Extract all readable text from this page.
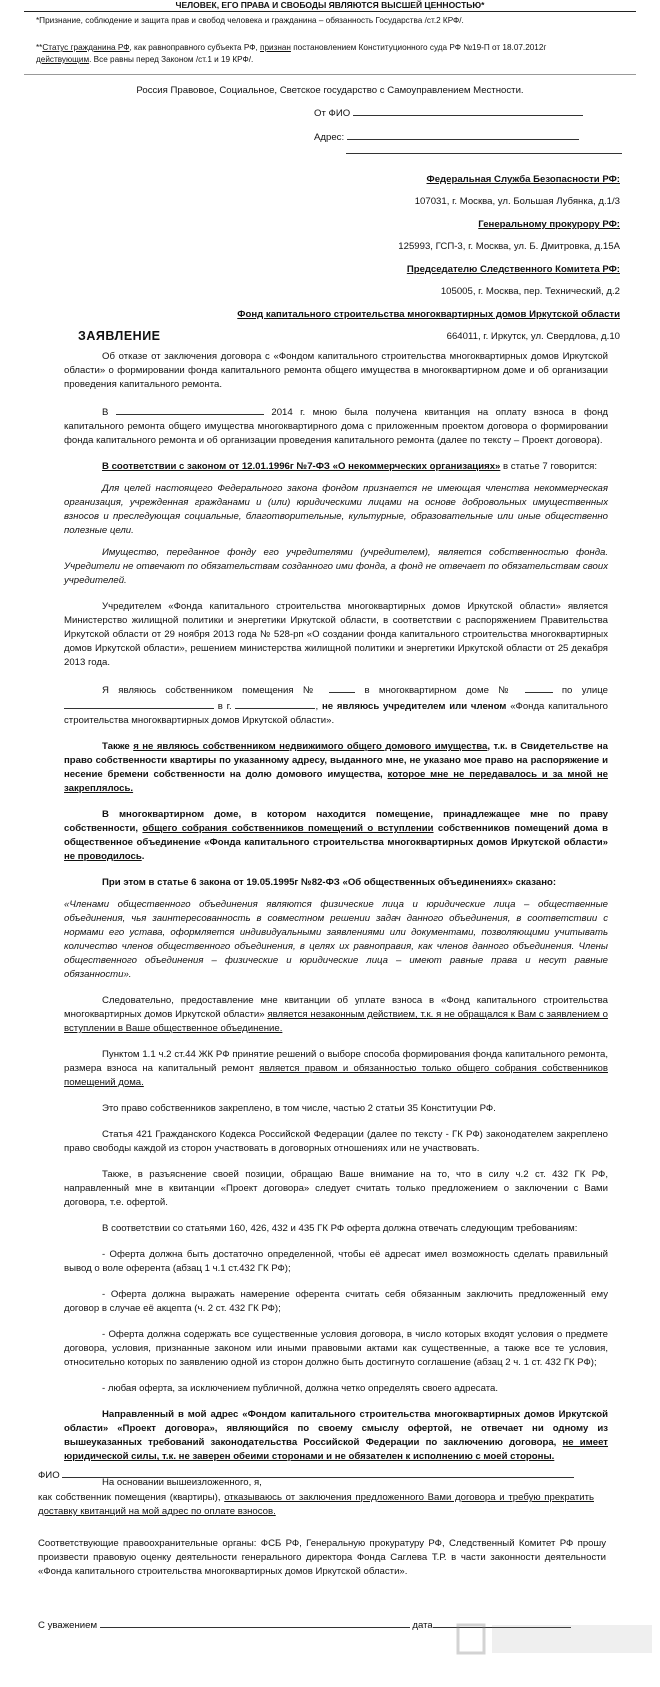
ЧЕЛОВЕК, ЕГО ПРАВА И СВОБОДЫ ЯВЛЯЮТСЯ ВЫСШЕЙ ЦЕННОСТЬЮ*
*Признание, соблюдение и защита прав и свобод человека и гражданина – обязанность Государства /ст.2 КРФ/.
**Статус гражданина РФ, как равноправного субъекта РФ, признан постановлением Конституционного суда РФ №19-П от 18.07.2012г
действующим. Все равны перед Законом /ст.1 и 19 КРФ/.
Россия Правовое, Социальное, Светское государство с Самоуправлением Местности.
От ФИО
Адрес:
Федеральная Служба Безопасности РФ:
107031, г. Москва, ул. Большая Лубянка, д.1/3
Генеральному прокурору РФ:
125993, ГСП-3, г. Москва, ул. Б. Дмитровка, д.15А
Председателю Следственного Комитета РФ:
105005, г. Москва, пер. Технический, д.2
Фонд капитального строительства многоквартирных домов Иркутской области
664011, г. Иркутск, ул. Свердлова, д.10
ЗАЯВЛЕНИЕ
Об отказе от заключения договора с «Фондом капитального строительства многоквартирных домов Иркутской области» о формировании фонда капитального ремонта общего имущества в многоквартирном доме и об организации проведения капитального ремонта.
В	2014 г. мною была получена квитанция на оплату взноса в фонд капитального ремонта общего имущества многоквартирного дома с приложенным проектом договора о формировании фонда капитального ремонта и об организации проведения капитального ремонта (далее по тексту – Проект договора).
В соответствии с законом от 12.01.1996г №7-ФЗ «О некоммерческих организациях» в статье 7 говорится:
Для целей настоящего Федерального закона фондом признается не имеющая членства некоммерческая организация, учрежденная гражданами и (или) юридическими лицами на основе добровольных имущественных взносов и преследующая социальные, благотворительные, культурные, образовательные или иные общественно полезные цели.
Имущество, переданное фонду его учредителями (учредителем), является собственностью фонда. Учредители не отвечают по обязательствам созданного ими фонда, а фонд не отвечает по обязательствам своих учредителей.
Учредителем «Фонда капитального строительства многоквартирных домов Иркутской области» является Министерство жилищной политики и энергетики Иркутской области, в соответствии с распоряжением Правительства Иркутской области от 29 ноября 2013 года № 528-рп «О создании фонда капитального строительства многоквартирных домов Иркутской области», решением министерства жилищной политики и энергетики Иркутской области от 25 декабря 2013 года.
Я являюсь собственником помещения №	в многоквартирном доме №	по улице  в г.	, не являюсь учредителем или членом «Фонда капитального строительства многоквартирных домов Иркутской области».
Также я не являюсь собственником недвижимого общего домового имущества, т.к. в Свидетельстве на право собственности квартиры по указанному адресу, выданного мне, не указано мое право на распоряжение и несение бремени собственности на долю домового имущества, которое мне не передавалось и за мной не закреплялось.
В многоквартирном доме, в котором находится помещение, принадлежащее мне по праву собственности, общего собрания собственников помещений о вступлении собственников помещений дома в общественное объединение «Фонда капитального строительства многоквартирных домов Иркутской области» не проводилось.
При этом в статье 6 закона от 19.05.1995г №82-ФЗ «Об общественных объединениях» сказано:
«Членами общественного объединения являются физические лица и юридические лица – общественные объединения, чья заинтересованность в совместном решении задач данного объединения, в соответствии с нормами его устава, оформляется индивидуальными заявлениями или документами, позволяющими учитывать количество членов общественного объединения, в целях их равноправия, как членов данного объединения. Члены общественного объединения – физические и юридические лица – имеют равные права и несут равные обязанности».
Следовательно, предоставление мне квитанции об уплате взноса в «Фонд капитального строительства многоквартирных домов Иркутской области» является незаконным действием, т.к. я не обращался к Вам с заявлением о вступлении в Ваше общественное объединение.
Пунктом 1.1 ч.2 ст.44 ЖК РФ принятие решений о выборе способа формирования фонда капитального ремонта, размера взноса на капитальный ремонт является правом и обязанностью только общего собрания собственников помещений дома.
Это право собственников закреплено, в том числе, частью 2 статьи 35 Конституции РФ.
Статья 421 Гражданского Кодекса Российской Федерации (далее по тексту - ГК РФ) законодателем закреплено право свободы каждой из сторон участвовать в договорных отношениях или не участвовать.
Также, в разъяснение своей позиции, обращаю Ваше внимание на то, что в силу ч.2 ст. 432 ГК РФ, направленный мне в квитанции «Проект договора» следует считать только предложением о заключении с Вами договора, т.е. офертой.
В соответствии со статьями 160, 426, 432 и 435 ГК РФ оферта должна отвечать следующим требованиям:
- Оферта должна быть достаточно определенной, чтобы её адресат имел возможность сделать правильный вывод о воле оферента (абзац 1 ч.1 ст.432 ГК РФ);
- Оферта должна выражать намерение оферента считать себя обязанным заключить предложенный ему договор в случае её акцепта (ч. 2 ст. 432 ГК РФ);
- Оферта должна содержать все существенные условия договора, в число которых входят условия о предмете договора, условия, признанные законом или иными правовыми актами как существенные, а также все те условия, относительно которых по заявлению одной из сторон должно быть достигнуто соглашение (абзац 2 ч. 1 ст. 432 ГК РФ);
- любая оферта, за исключением публичной, должна четко определять своего адресата.
Направленный в мой адрес «Фондом капитального строительства многоквартирных домов Иркутской области» «Проект договора», являющийся по своему смыслу офертой, не отвечает ни одному из вышеуказанных требований законодательства Российской Федерации по заключению договора, не имеет юридической силы, т.к. не заверен обеими сторонами и не обязателен к исполнению с моей стороны.
На основании вышеизложенного, я,
ФИО
как собственник помещения (квартиры), отказываюсь от заключения предложенного Вами договора и требую прекратить доставку квитанций на мой адрес по оплате взносов.
Соответствующие правоохранительные органы: ФСБ РФ, Генеральную прокуратуру РФ, Следственный Комитет РФ прошу произвести правовую оценку деятельности генерального директора Фонда Саглева Т.Р. в части законности деятельности «Фонда капитального строительства многоквартирных домов Иркутской области».
С уважением	дата
